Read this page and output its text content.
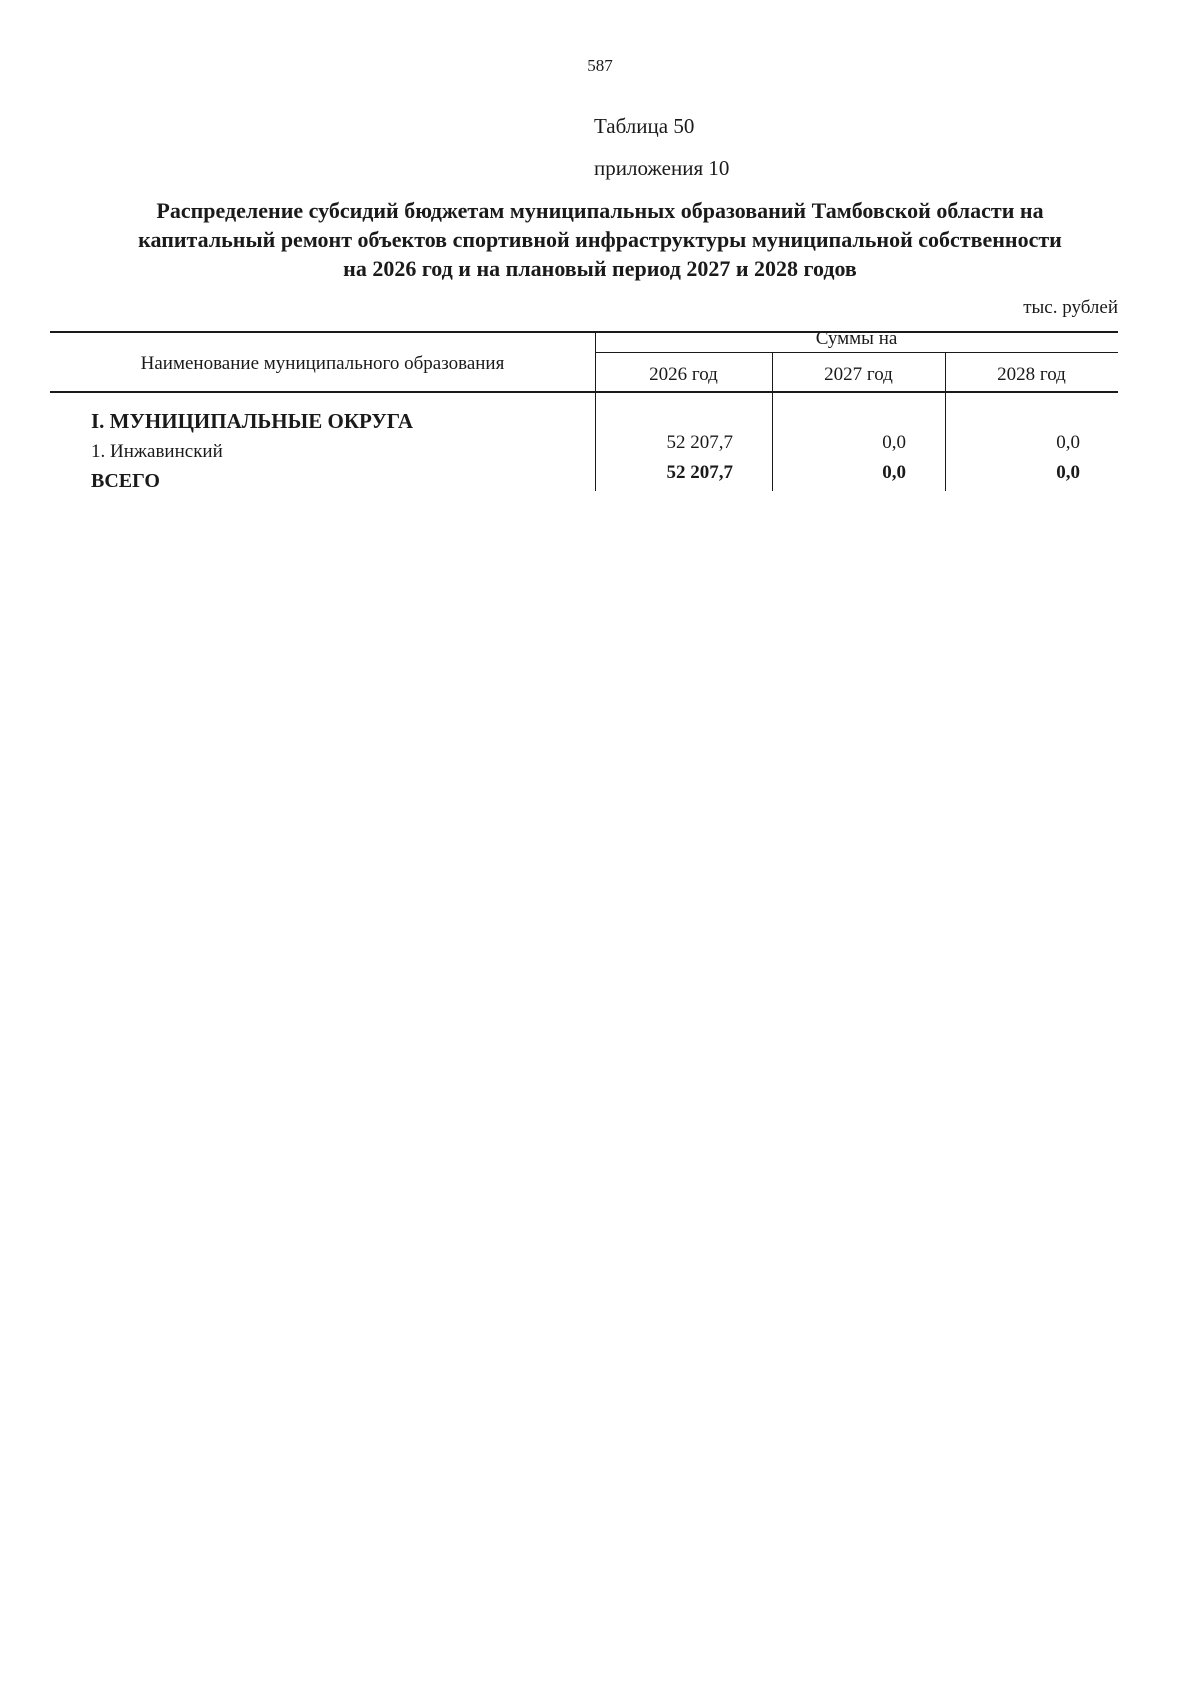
587
Таблица 50
приложения 10
Распределение субсидий бюджетам муниципальных образований Тамбовской области на
капитальный ремонт объектов спортивной инфраструктуры муниципальной собственности
на 2026 год и на плановый период 2027 и 2028 годов
тыс. рублей
Наименование муниципального образования
Суммы на
2026 год	2027 год	2028 год
I. МУНИЦИПАЛЬНЫЕ ОКРУГА
1. Инжавинский	52 207,7	0,0	0,0
ВСЕГО	52 207,7	0,0	0,0
